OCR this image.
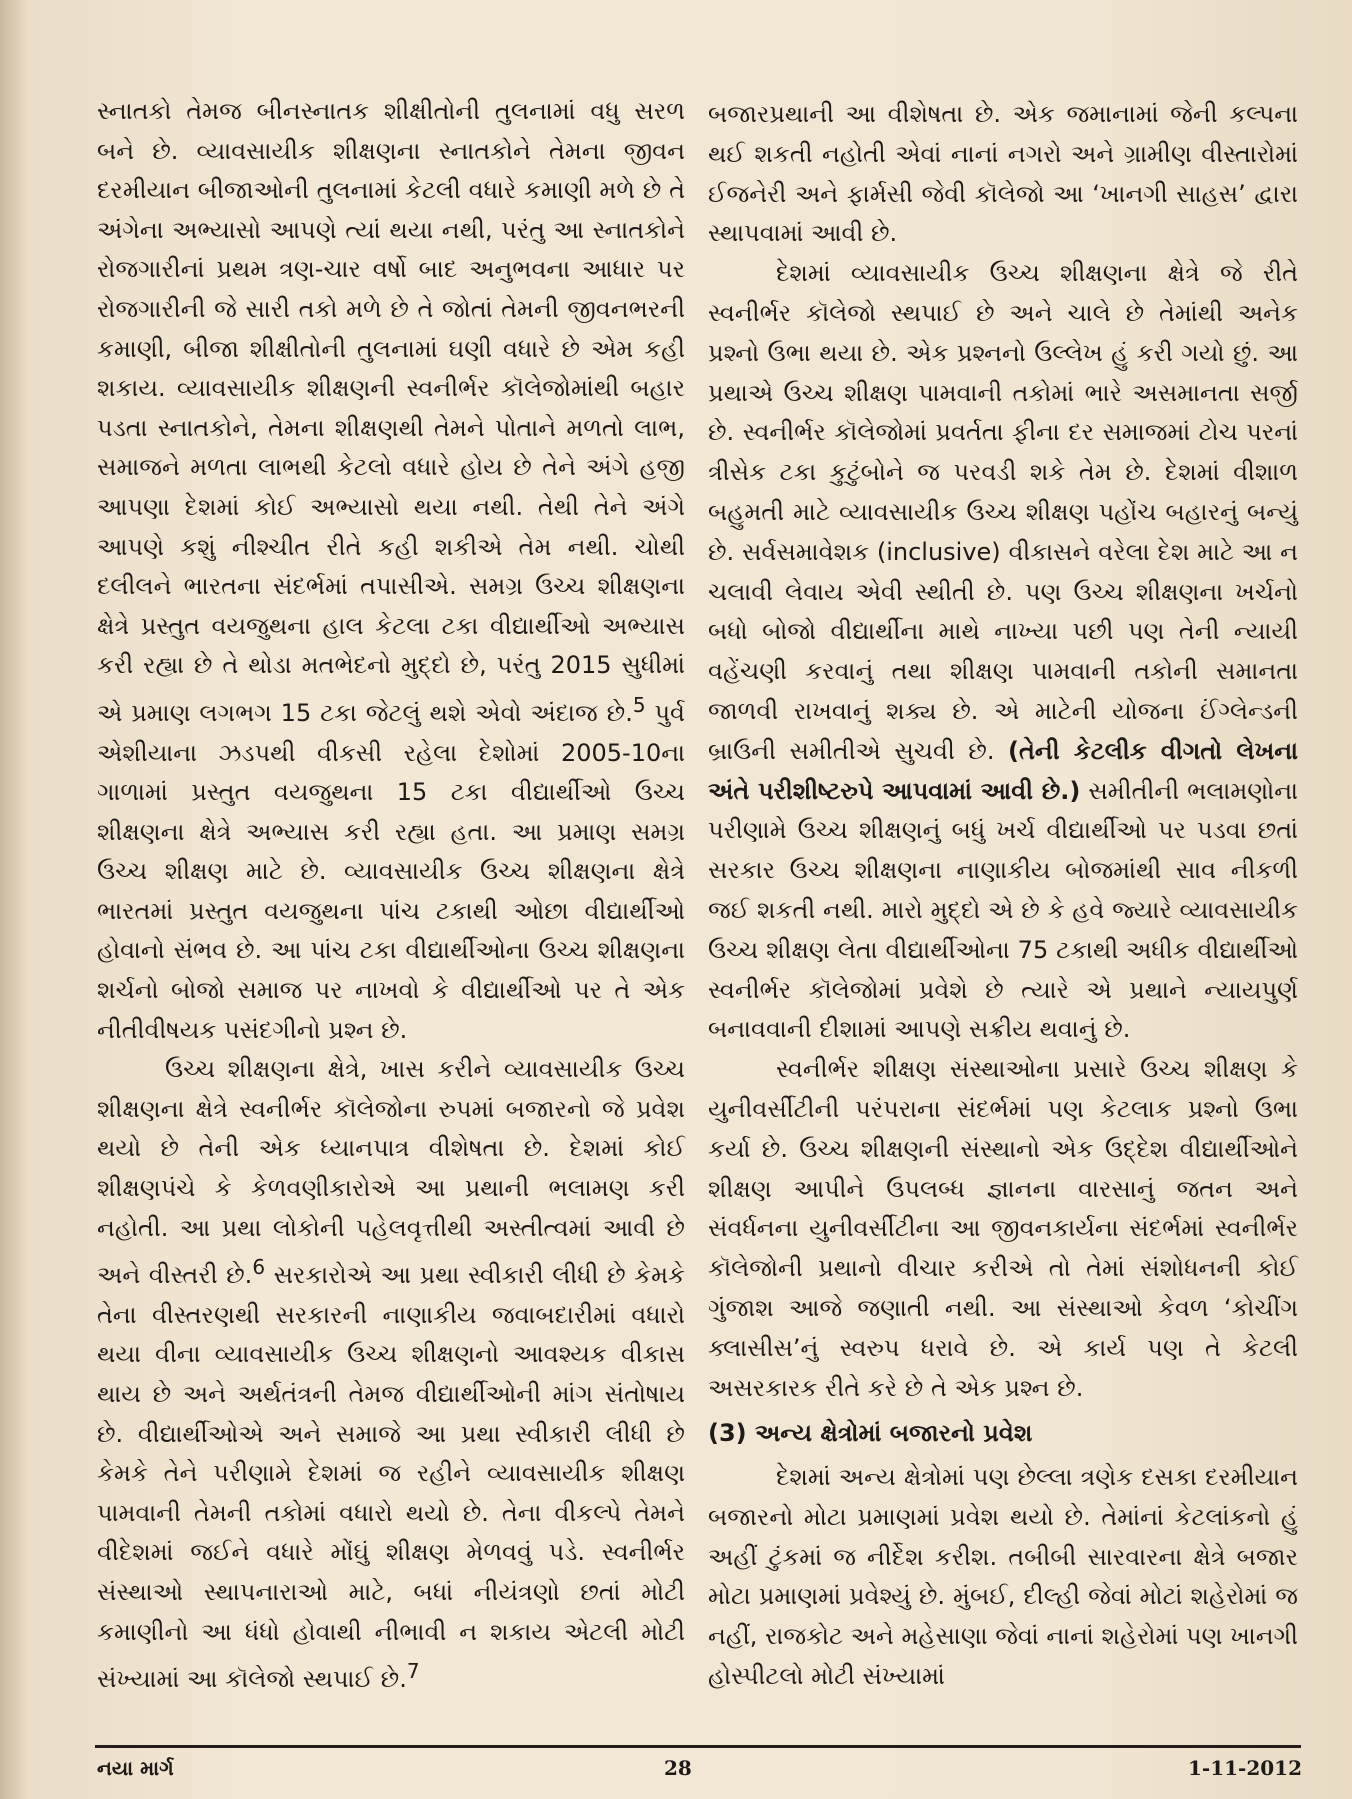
સ્નાતકો તેમજ બીનસ્નાતક શીક્ષીતોની તુલનામાં વધુ સરળ બને છે. વ્યાવસાયીક શીક્ષણના સ્નાતકોને તેમના જીવન દરમીયાન બીજાઓની તુલનામાં કેટલી વધારે કમાણી મળે છે તે અંગેના અભ્યાસો આપણે ત્યાં થયા નથી, પરંતુ આ સ્નાતકોને રોજગારીનાં પ્રથમ ત્રણ-ચાર વર્ષો બાદ અનુભવના આધાર પર રોજગારીની જે સારી તકો મળે છે તે જોતાં તેમની જીવનભરની કમાણી, બીજા શીક્ષીતોની તુલનામાં ઘણી વધારે છે એમ કહી શકાય. વ્યાવસાયીક શીક્ષણની સ્વનીર્ભર કૉલેજોમાંથી બહાર પડતા સ્નાતકોને, તેમના શીક્ષણથી તેમને પોતાને મળતો લાભ, સમાજને મળતા લાભથી કેટલો વધારે હોય છે તેને અંગે હજી આપણા દેશમાં કોઈ અભ્યાસો થયા નથી. તેથી તેને અંગે આપણે કશું નીશ્ચીત રીતે કહી શકીએ તેમ નથી. ચોથી દલીલને ભારતના સંદર્ભમાં તપાસીએ. સમગ્ર ઉચ્ચ શીક્ષણના ક્ષેત્રે પ્રસ્તુત વયજુથના હાલ કેટલા ટકા વીદ્યાર્થીઓ અભ્યાસ કરી રહ્યા છે તે થોડા મતભેદનો મુદ્દો છે, પરંતુ 2015 સુધીમાં એ પ્રમાણ લગભગ 15 ટકા જેટલું થશે એવો અંદાજ છે.$^5$ પુર્વ એશીયાના ઝડપથી વીકસી રહેલા દેશોમાં 2005-10ના ગાળામાં પ્રસ્તુત વયજુથના 15 ટકા વીદ્યાર્થીઓ ઉચ્ચ શીક્ષણના ક્ષેત્રે અભ્યાસ કરી રહ્યા હતા. આ પ્રમાણ સમગ્ર ઉચ્ચ શીક્ષણ માટે છે. વ્યાવસાયીક ઉચ્ચ શીક્ષણના ક્ષેત્રે ભારતમાં પ્રસ્તુત વયજુથના પાંચ ટકાથી ઓછા વીદ્યાર્થીઓ હોવાનો સંભવ છે. આ પાંચ ટકા વીદ્યાર્થીઓના ઉચ્ચ શીક્ષણના શર્ચનો બોજો સમાજ પર નાખવો કે વીદ્યાર્થીઓ પર તે એક નીતીવીષયક પસંદગીનો પ્રશ્ન છે.

ઉચ્ચ શીક્ષણના ક્ષેત્રે, ખાસ કરીને વ્યાવસાયીક ઉચ્ચ શીક્ષણના ક્ષેત્રે સ્વનીર્ભર કૉલેજોના રુપમાં બજારનો જે પ્રવેશ થયો છે તેની એક ધ્યાનપાત્ર વીશેષતા છે. દેશમાં કોઈ શીક્ષણપંચે કે કેળવણીકારોએ આ પ્રથાની ભલામણ કરી નહોતી. આ પ્રથા લોકોની પહેલવૃત્તીથી અસ્તીત્વમાં આવી છે અને વીસ્તરી છે.$^6$ સરકારોએ આ પ્રથા સ્વીકારી લીધી છે કેમકે તેના વીસ્તરણથી સરકારની નાણાકીય જવાબદારીમાં વધારો થયા વીના વ્યાવસાયીક ઉચ્ચ શીક્ષણનો આવશ્યક વીકાસ થાય છે અને અર્થતંત્રની તેમજ વીદ્યાર્થીઓની માંગ સંતોષાય છે. વીદ્યાર્થીઓએ અને સમાજે આ પ્રથા સ્વીકારી લીધી છે કેમકે તેને પરીણામે દેશમાં જ રહીને વ્યાવસાયીક શીક્ષણ પામવાની તેમની તકોમાં વધારો થયો છે. તેના વીકલ્પે તેમને વીદેશમાં જઈને વધારે મોંઘું શીક્ષણ મેળવવું પડે. સ્વનીર્ભર સંસ્થાઓ સ્થાપનારાઓ માટે, બધાં નીયંત્રણો છતાં મોટી કમાણીનો આ ધંધો હોવાથી નીભાવી ન શકાય એટલી મોટી સંખ્યામાં આ કૉલેજો સ્થપાઈ છે.$^7$

બજારપ્રથાની આ વીશેષતા છે. એક જમાનામાં જેની કલ્પના થઈ શકતી નહોતી એવાં નાનાં નગરો અને ગ્રામીણ વીસ્તારોમાં ઈજનેરી અને ફાર્મસી જેવી કૉલેજો આ ‘ખાનગી સાહસ’ દ્વારા સ્થાપવામાં આવી છે.

દેશમાં વ્યાવસાયીક ઉચ્ચ શીક્ષણના ક્ષેત્રે જે રીતે સ્વનીર્ભર કૉલેજો સ્થપાઈ છે અને ચાલે છે તેમાંથી અનેક પ્રશ્નો ઉભા થયા છે. એક પ્રશ્નનો ઉલ્લેખ હું કરી ગયો છું. આ પ્રથાએ ઉચ્ચ શીક્ષણ પામવાની તકોમાં ભારે અસમાનતા સર્જી છે. સ્વનીર્ભર કૉલેજોમાં પ્રવર્તતા ફીના દર સમાજમાં ટોચ પરનાં ત્રીસેક ટકા કુટુંબોને જ પરવડી શકે તેમ છે. દેશમાં વીશાળ બહુમતી માટે વ્યાવસાયીક ઉચ્ચ શીક્ષણ પહોંચ બહારનું બન્યું છે. સર્વસમાવેશક (inclusive) વીકાસને વરેલા દેશ માટે આ ન ચલાવી લેવાય એવી સ્થીતી છે. પણ ઉચ્ચ શીક્ષણના ખર્ચનો બધો બોજો વીદ્યાર્થીના માથે નાખ્યા પછી પણ તેની ન્યાયી વહેંચણી કરવાનું તથા શીક્ષણ પામવાની તકોની સમાનતા જાળવી રાખવાનું શક્ય છે. એ માટેની યોજના ઈંગ્લેન્ડની બ્રાઉની સમીતીએ સુચવી છે. (તેની કેટલીક વીગતો લેખના અંતે પરીશીષ્ટરુપે આપવામાં આવી છે.) સમીતીની ભલામણોના પરીણામે ઉચ્ચ શીક્ષણનું બધું ખર્ચ વીદ્યાર્થીઓ પર પડવા છતાં સરકાર ઉચ્ચ શીક્ષણના નાણાકીય બોજમાંથી સાવ નીકળી જઈ શકતી નથી. મારો મુદ્દો એ છે કે હવે જ્યારે વ્યાવસાયીક ઉચ્ચ શીક્ષણ લેતા વીદ્યાર્થીઓના 75 ટકાથી અધીક વીદ્યાર્થીઓ સ્વનીર્ભર કૉલેજોમાં પ્રવેશે છે ત્યારે એ પ્રથાને ન્યાયપુર્ણ બનાવવાની દીશામાં આપણે સક્રીય થવાનું છે.

સ્વનીર્ભર શીક્ષણ સંસ્થાઓના પ્રસારે ઉચ્ચ શીક્ષણ કે યુનીવર્સીટીની પરંપરાના સંદર્ભમાં પણ કેટલાક પ્રશ્નો ઉભા કર્યા છે. ઉચ્ચ શીક્ષણની સંસ્થાનો એક ઉદ્દેશ વીદ્યાર્થીઓને શીક્ષણ આપીને ઉપલબ્ધ જ્ઞાનના વારસાનું જતન અને સંવર્ધનના યુનીવર્સીટીના આ જીવનકાર્યના સંદર્ભમાં સ્વનીર્ભર કૉલેજોની પ્રથાનો વીચાર કરીએ તો તેમાં સંશોધનની કોઈ ગુંજાશ આજે જણાતી નથી. આ સંસ્થાઓ કેવળ ‘કોચીંગ ક્લાસીસ’નું સ્વરુપ ધરાવે છે. એ કાર્ય પણ તે કેટલી અસરકારક રીતે કરે છે તે એક પ્રશ્ન છે.

(3) અન્ય ક્ષેત્રોમાં બજારનો પ્રવેશ

દેશમાં અન્ય ક્ષેત્રોમાં પણ છેલ્લા ત્રણેક દસકા દરમીયાન બજારનો મોટા પ્રમાણમાં પ્રવેશ થયો છે. તેમાંનાં કેટલાંકનો હું અહીં ટુંકમાં જ નીર્દેશ કરીશ. તબીબી સારવારના ક્ષેત્રે બજાર મોટા પ્રમાણમાં પ્રવેશ્યું છે. મુંબઈ, દીલ્હી જેવાં મોટાં શહેરોમાં જ નહીં, રાજકોટ અને મહેસાણા જેવાં નાનાં શહેરોમાં પણ ખાનગી હોસ્પીટલો મોટી સંખ્યામાં

નયા માર્ગ	28	1-11-2012
